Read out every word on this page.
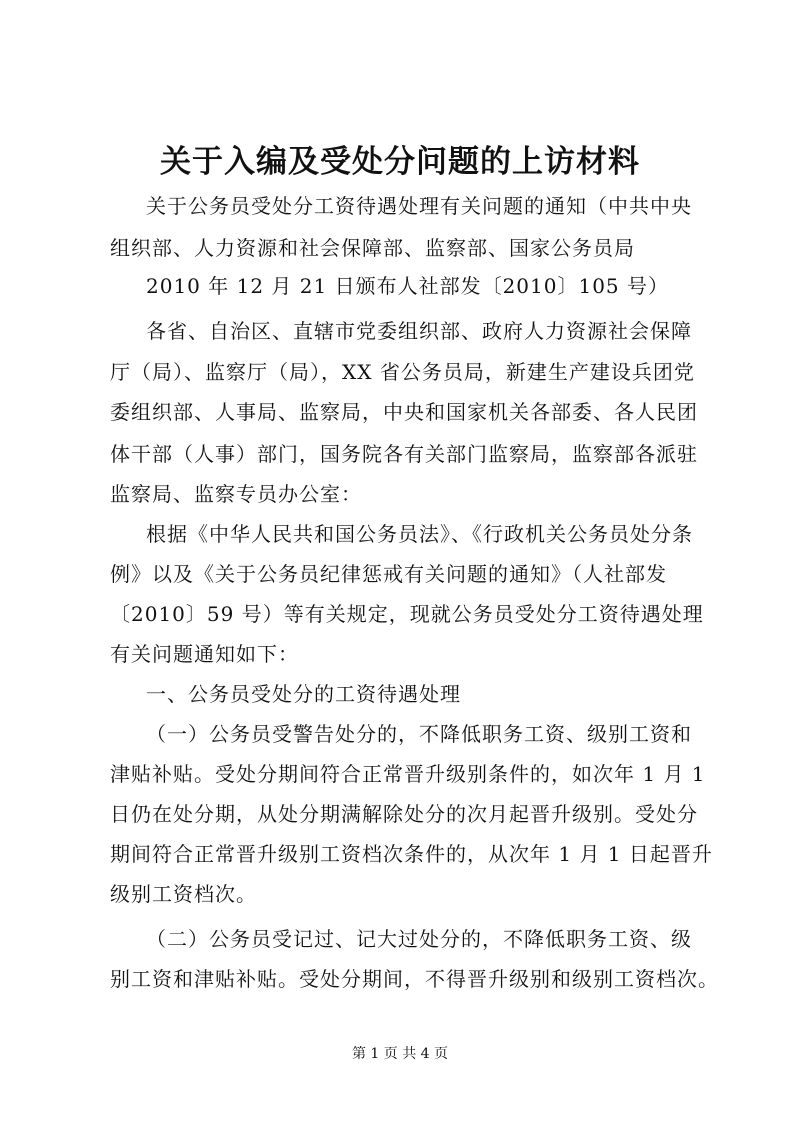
关于入编及受处分问题的上访材料
关于公务员受处分工资待遇处理有关问题的通知（中共中央
组织部、人力资源和社会保障部、监察部、国家公务员局
2010 年 12 月 21 日颁布人社部发〔2010〕105 号）
各省、自治区、直辖市党委组织部、政府人力资源社会保障
厅（局）、监察厅（局），XX 省公务员局，新建生产建设兵团党
委组织部、人事局、监察局，中央和国家机关各部委、各人民团
体干部（人事）部门，国务院各有关部门监察局，监察部各派驻
监察局、监察专员办公室：
根据《中华人民共和国公务员法》、《行政机关公务员处分条
例》以及《关于公务员纪律惩戒有关问题的通知》（人社部发
〔2010〕59 号）等有关规定，现就公务员受处分工资待遇处理
有关问题通知如下：
一、公务员受处分的工资待遇处理
（一）公务员受警告处分的，不降低职务工资、级别工资和
津贴补贴。受处分期间符合正常晋升级别条件的，如次年 1 月 1
日仍在处分期，从处分期满解除处分的次月起晋升级别。受处分
期间符合正常晋升级别工资档次条件的，从次年 1 月 1 日起晋升
级别工资档次。
（二）公务员受记过、记大过处分的，不降低职务工资、级
别工资和津贴补贴。受处分期间，不得晋升级别和级别工资档次。
第 1 页 共 4 页
